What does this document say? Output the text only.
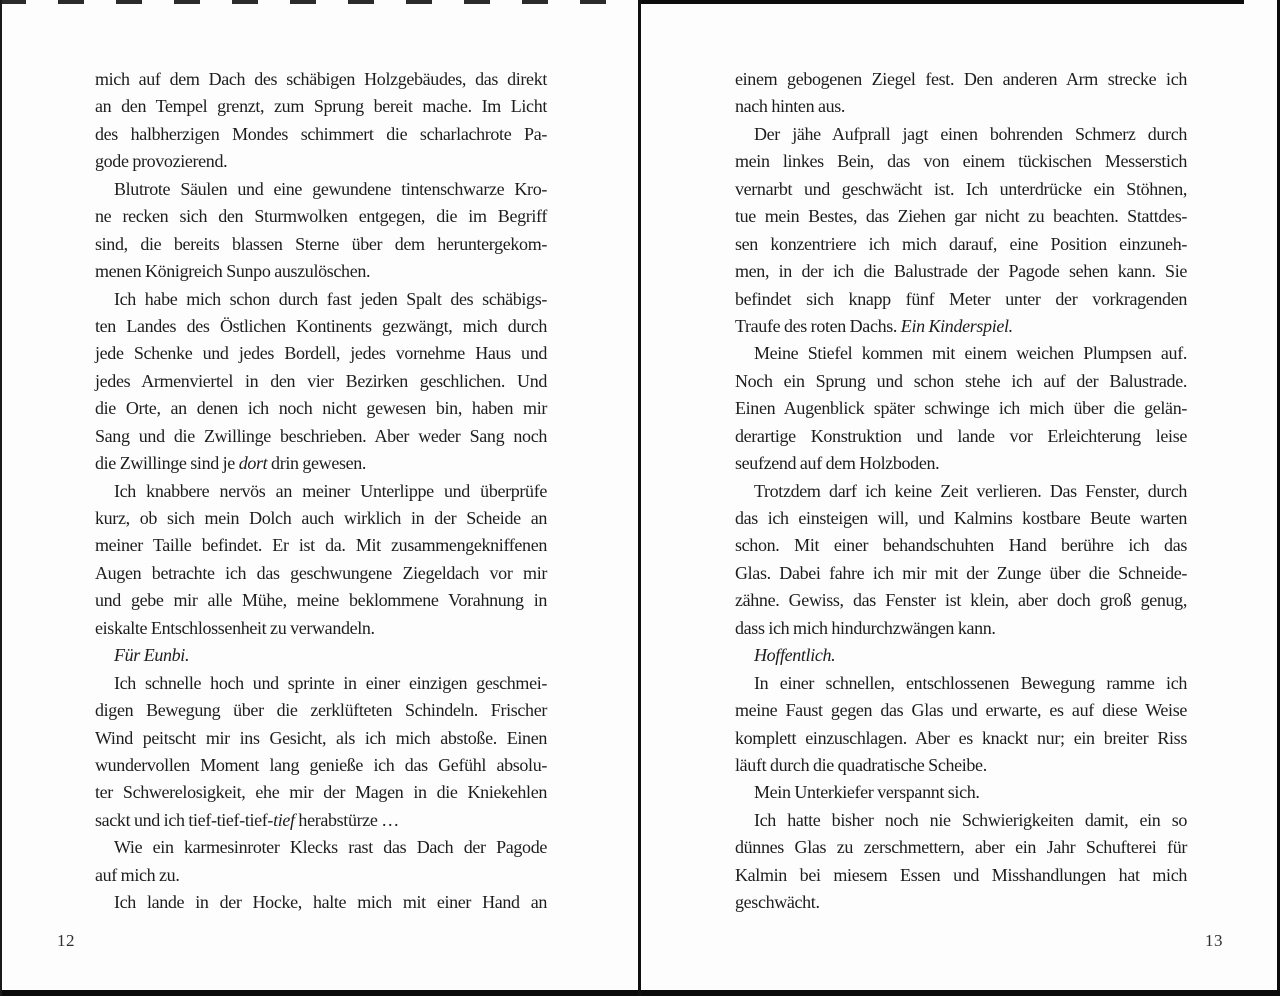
mich auf dem Dach des schäbigen Holzgebäudes, das direkt
an den Tempel grenzt, zum Sprung bereit mache. Im Licht
des halbherzigen Mondes schimmert die scharlachrote Pa-
gode provozierend.
Blutrote Säulen und eine gewundene tintenschwarze Kro-
ne recken sich den Sturmwolken entgegen, die im Begriff
sind, die bereits blassen Sterne über dem heruntergekom-
menen Königreich Sunpo auszulöschen.
Ich habe mich schon durch fast jeden Spalt des schäbigs-
ten Landes des Östlichen Kontinents gezwängt, mich durch
jede Schenke und jedes Bordell, jedes vornehme Haus und
jedes Armenviertel in den vier Bezirken geschlichen. Und
die Orte, an denen ich noch nicht gewesen bin, haben mir
Sang und die Zwillinge beschrieben. Aber weder Sang noch
die Zwillinge sind je dort drin gewesen.
Ich knabbere nervös an meiner Unterlippe und überprüfe
kurz, ob sich mein Dolch auch wirklich in der Scheide an
meiner Taille befindet. Er ist da. Mit zusammengekniffenen
Augen betrachte ich das geschwungene Ziegeldach vor mir
und gebe mir alle Mühe, meine beklommene Vorahnung in
eiskalte Entschlossenheit zu verwandeln.
Für Eunbi.
Ich schnelle hoch und sprinte in einer einzigen geschmei-
digen Bewegung über die zerklüfteten Schindeln. Frischer
Wind peitscht mir ins Gesicht, als ich mich abstoße. Einen
wundervollen Moment lang genieße ich das Gefühl absolu-
ter Schwerelosigkeit, ehe mir der Magen in die Kniekehlen
sackt und ich tief-tief-tief-tief herabstürze …
Wie ein karmesinroter Klecks rast das Dach der Pagode
auf mich zu.
Ich lande in der Hocke, halte mich mit einer Hand an
12
einem gebogenen Ziegel fest. Den anderen Arm strecke ich
nach hinten aus.
Der jähe Aufprall jagt einen bohrenden Schmerz durch
mein linkes Bein, das von einem tückischen Messerstich
vernarbt und geschwächt ist. Ich unterdrücke ein Stöhnen,
tue mein Bestes, das Ziehen gar nicht zu beachten. Stattdes-
sen konzentriere ich mich darauf, eine Position einzuneh-
men, in der ich die Balustrade der Pagode sehen kann. Sie
befindet sich knapp fünf Meter unter der vorkragenden
Traufe des roten Dachs. Ein Kinderspiel.
Meine Stiefel kommen mit einem weichen Plumpsen auf.
Noch ein Sprung und schon stehe ich auf der Balustrade.
Einen Augenblick später schwinge ich mich über die gelän-
derartige Konstruktion und lande vor Erleichterung leise
seufzend auf dem Holzboden.
Trotzdem darf ich keine Zeit verlieren. Das Fenster, durch
das ich einsteigen will, und Kalmins kostbare Beute warten
schon. Mit einer behandschuhten Hand berühre ich das
Glas. Dabei fahre ich mir mit der Zunge über die Schneide-
zähne. Gewiss, das Fenster ist klein, aber doch groß genug,
dass ich mich hindurchzwängen kann.
Hoffentlich.
In einer schnellen, entschlossenen Bewegung ramme ich
meine Faust gegen das Glas und erwarte, es auf diese Weise
komplett einzuschlagen. Aber es knackt nur; ein breiter Riss
läuft durch die quadratische Scheibe.
Mein Unterkiefer verspannt sich.
Ich hatte bisher noch nie Schwierigkeiten damit, ein so
dünnes Glas zu zerschmettern, aber ein Jahr Schufterei für
Kalmin bei miesem Essen und Misshandlungen hat mich
geschwächt.
13
